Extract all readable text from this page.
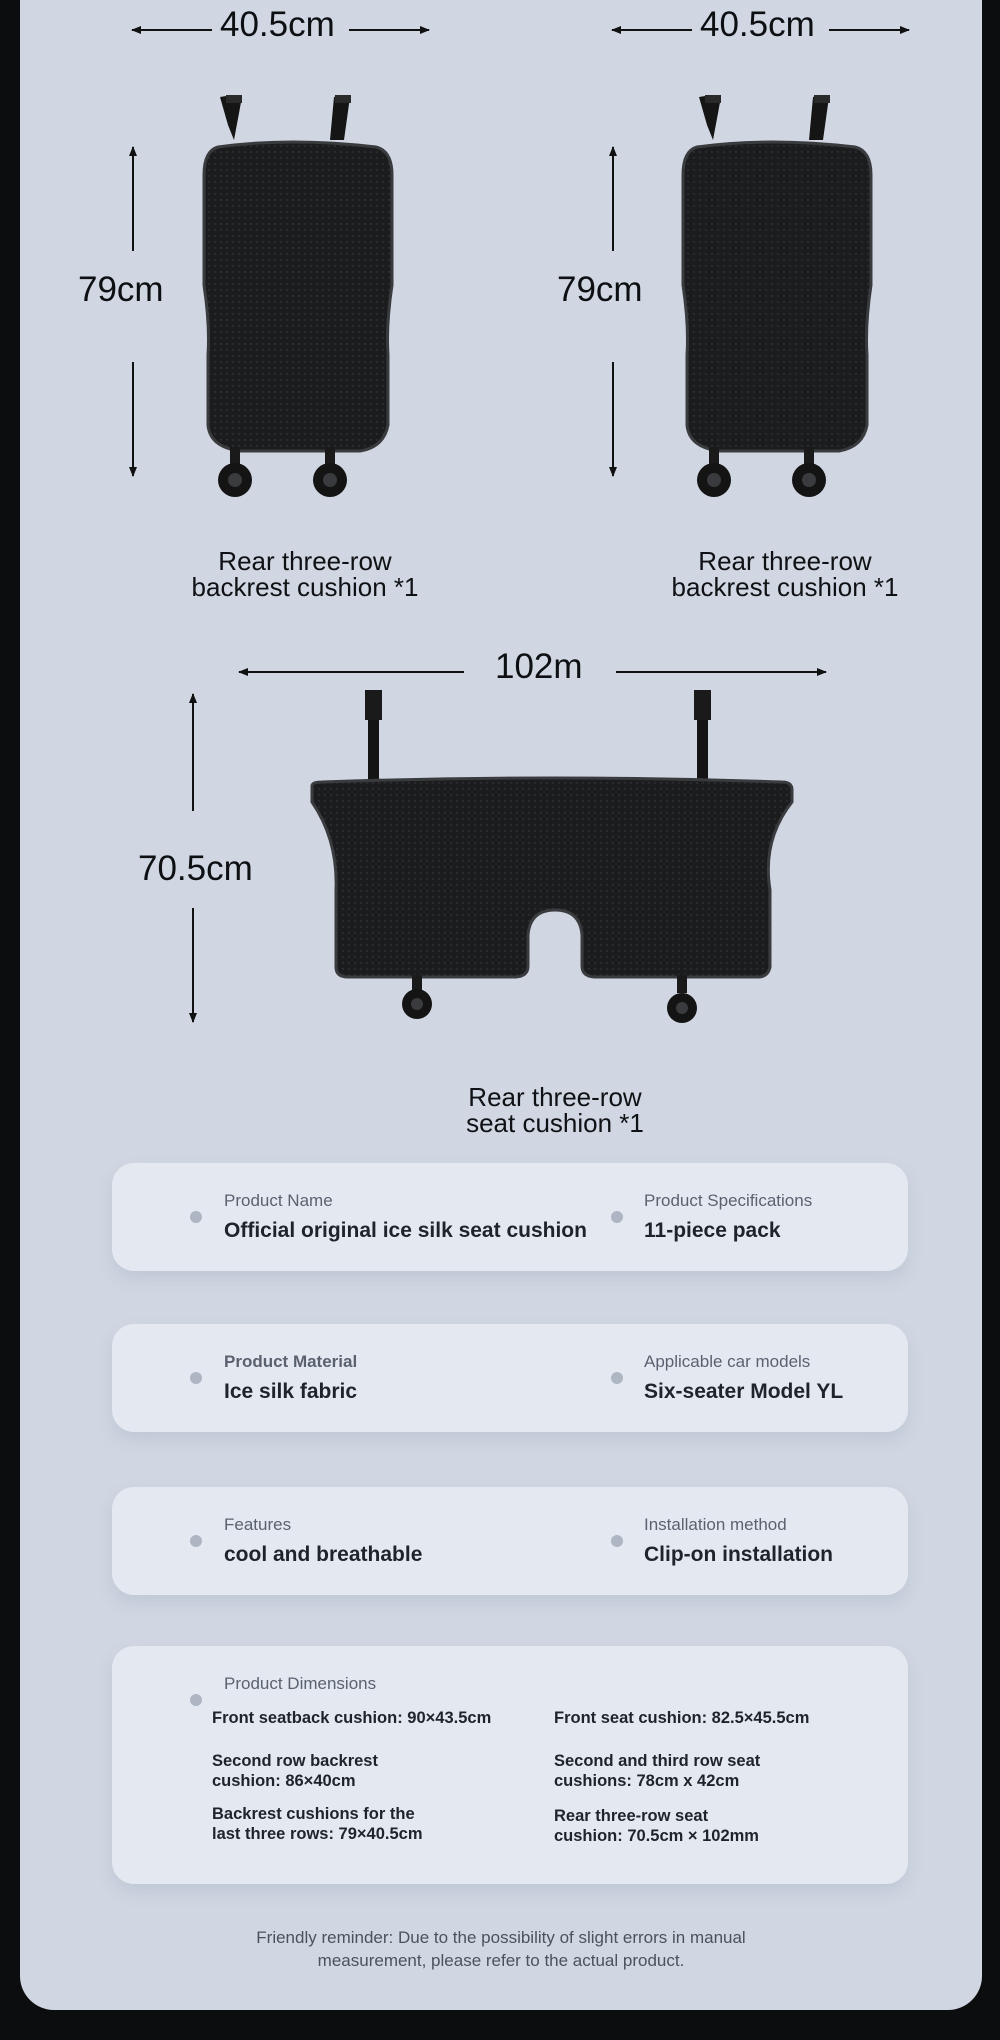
40.5cm
79cm
Rear three-row
backrest cushion *1
40.5cm
79cm
Rear three-row
backrest cushion *1
102m
70.5cm
Rear three-row
seat cushion *1
Product Name
Official original ice silk seat cushion
Product Specifications
11-piece pack
Product Material
Ice silk fabric
Applicable car models
Six-seater Model YL
Features
cool and breathable
Installation method
Clip-on installation
Product Dimensions
Front seatback cushion: 90×43.5cm	Front seat cushion: 82.5×45.5cm
Second row backrest
cushion: 86×40cm
Second and third row seat
cushions: 78cm x 42cm
Backrest cushions for the
last three rows: 79×40.5cm
Rear three-row seat
cushion: 70.5cm × 102mm
Friendly reminder: Due to the possibility of slight errors in manual
measurement, please refer to the actual product.
